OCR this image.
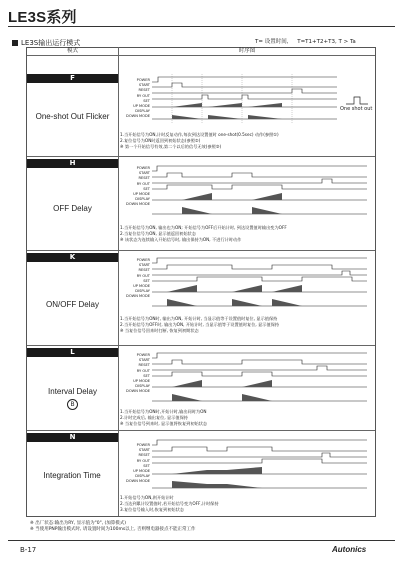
LE3S系列
LE3S输出运行模式	T= 设置时间, T=T1+T2+T3, T > Ta
模式	时序图
F
One-shot Out Flicker
POWER
START
RESET
RY OUT
SET
UP MODE
DISPLAY
DOWN MODE
One shot out
1.当开始信号为ON,计时反复动作,每次到达设置值时 one-shot(0.5sec) 动作(参照①)
2.复位信号为ON时返回到初始状态(参照②)
※ 第一个开始信号有效,第二个以后的信号无效(参照③)
H
OFF Delay
POWER
START
RESET
RY OUT
SET
UP MODE
DISPLAY
DOWN MODE
1.当开始信号为ON, 输出也为ON; 开始信号为OFF后开始计时, 到达设置值时输出变为OFF
2.当复位信号为ON, 显示值返回初始状态
※ 该状态为连续输入开始信号时, 输出保持为ON, 不进行计时动作
K
ON/OFF Delay
POWER
START
RESET
RY OUT
SET
UP MODE
DISPLAY
DOWN MODE
1.当开始信号为ON时, 输出为ON, 开始计时, 当显示值等于设置值时复位, 显示值保持
2.当开始信号为OFF时, 输出为ON, 开始计时, 当显示值等于设置值时复位, 显示值保持
※ 当复位信号回来时打断, 恢复到初期状态
L
Interval Delay
B
POWER
START
RESET
RY OUT
SET
UP MODE
DISPLAY
DOWN MODE
1.当开始信号为ON时,开始计时,输出同时为ON
2.计时完成后, 输出复位, 显示值保持
※ 当复位信号到来时, 显示值将恢复到初始状态
N
Integration Time
POWER
START
RESET
RY OUT
SET
UP MODE
DISPLAY
DOWN MODE
1.开始信号为ON,则开始计时
2.当达到累计设置值时,若开始信号变为OFF,计时保持
3.复位信号输入时,恢复到初始状态
※ 出厂状态:输出为RY, 显示值为"0", (加算模式)
※ 当使用PNP输出模式时, 请设置时间为100ms以上, 否则继电器接点不能正常工作
B-17	Autonics
